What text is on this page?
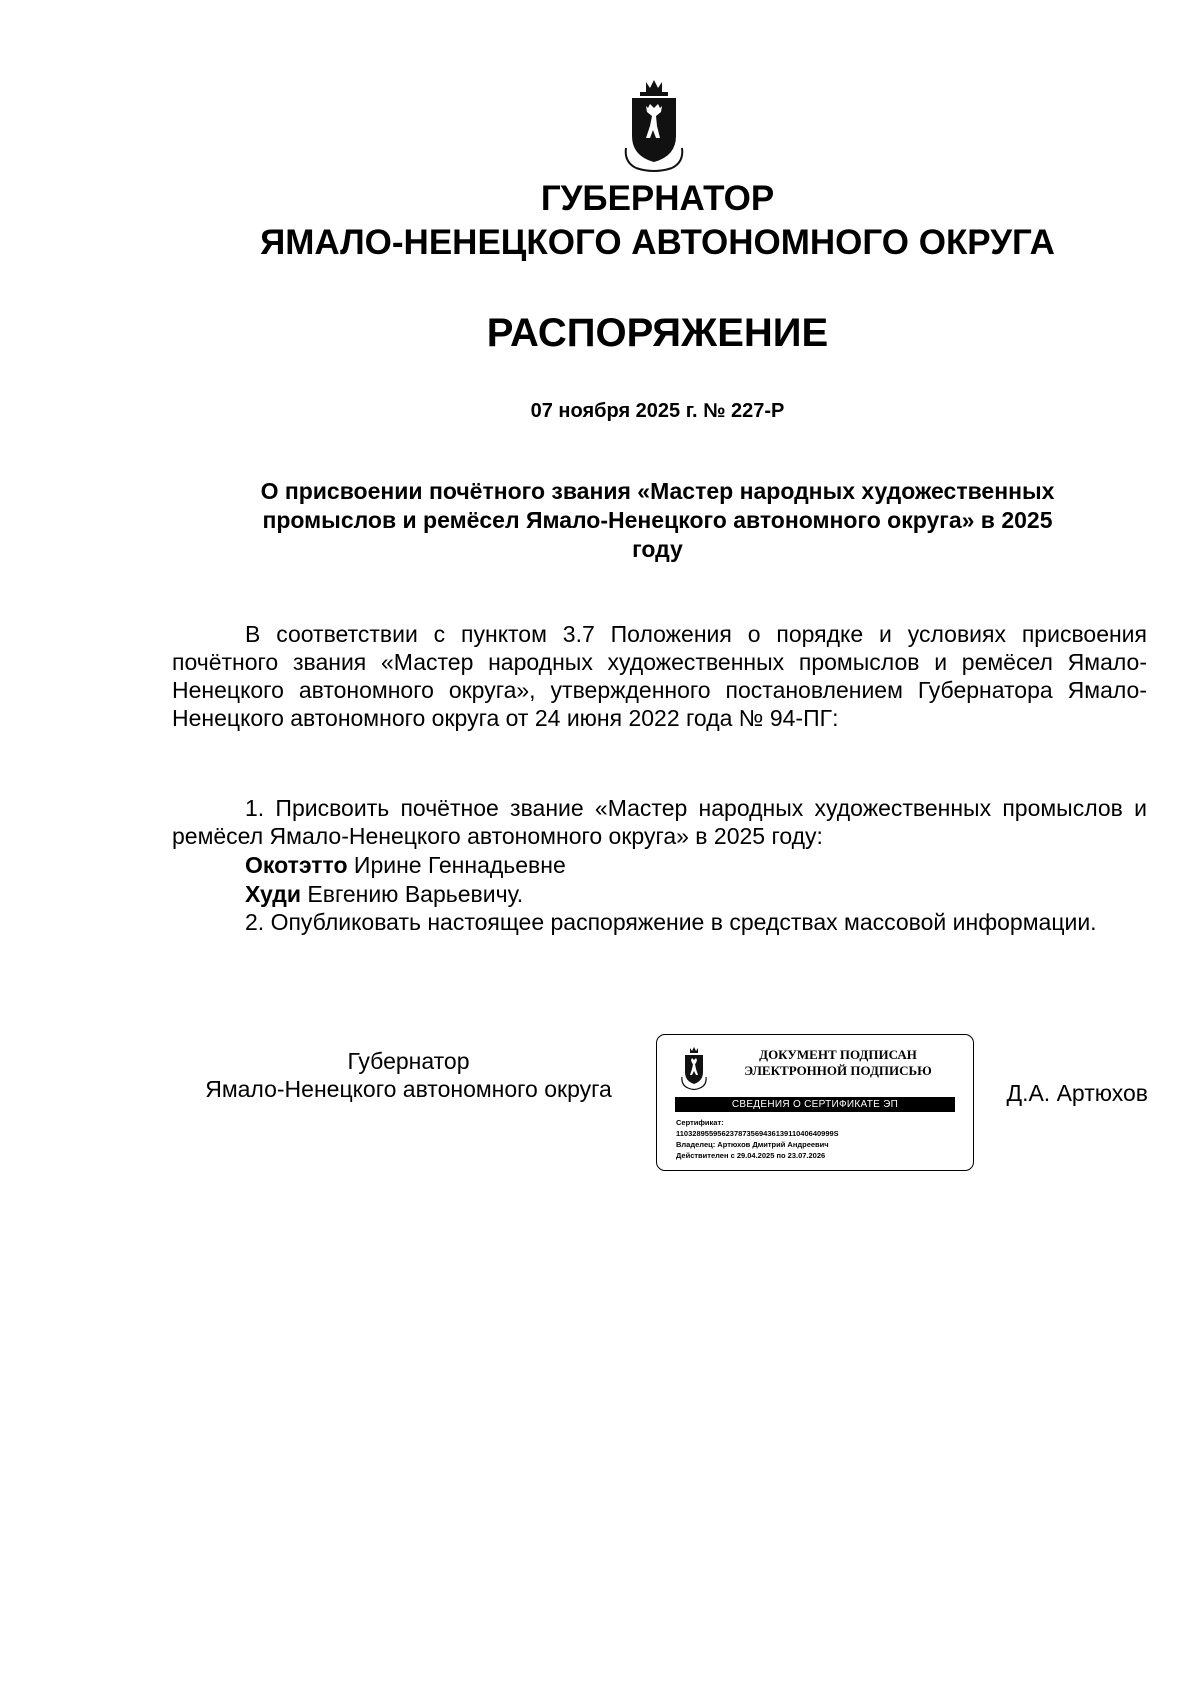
ГУБЕРНАТОР
ЯМАЛО-НЕНЕЦКОГО АВТОНОМНОГО ОКРУГА
РАСПОРЯЖЕНИЕ
07 ноября 2025 г. № 227-Р
О присвоении почётного звания «Мастер народных художественных промыслов и ремёсел Ямало-Ненецкого автономного округа» в 2025 году
В соответствии с пунктом 3.7 Положения о порядке и условиях присвоения почётного звания «Мастер народных художественных промыслов и ремёсел Ямало-Ненецкого автономного округа», утвержденного постановлением Губернатора Ямало-Ненецкого автономного округа от 24 июня 2022 года № 94-ПГ:
1. Присвоить почётное звание «Мастер народных художественных промыслов и ремёсел Ямало-Ненецкого автономного округа» в 2025 году:
Окотэтто Ирине Геннадьевне
Худи Евгению Варьевичу.
2. Опубликовать настоящее распоряжение в средствах массовой информации.
Губернатор
Ямало-Ненецкого автономного округа
ДОКУМЕНТ ПОДПИСАН
ЭЛЕКТРОННОЙ ПОДПИСЬЮ
СВЕДЕНИЯ О СЕРТИФИКАТЕ ЭП
Сертификат:
11032895595623787356943613911040640999S
Владелец: Артюхов Дмитрий Андреевич
Действителен с 29.04.2025 по 23.07.2026
Д.А. Артюхов
